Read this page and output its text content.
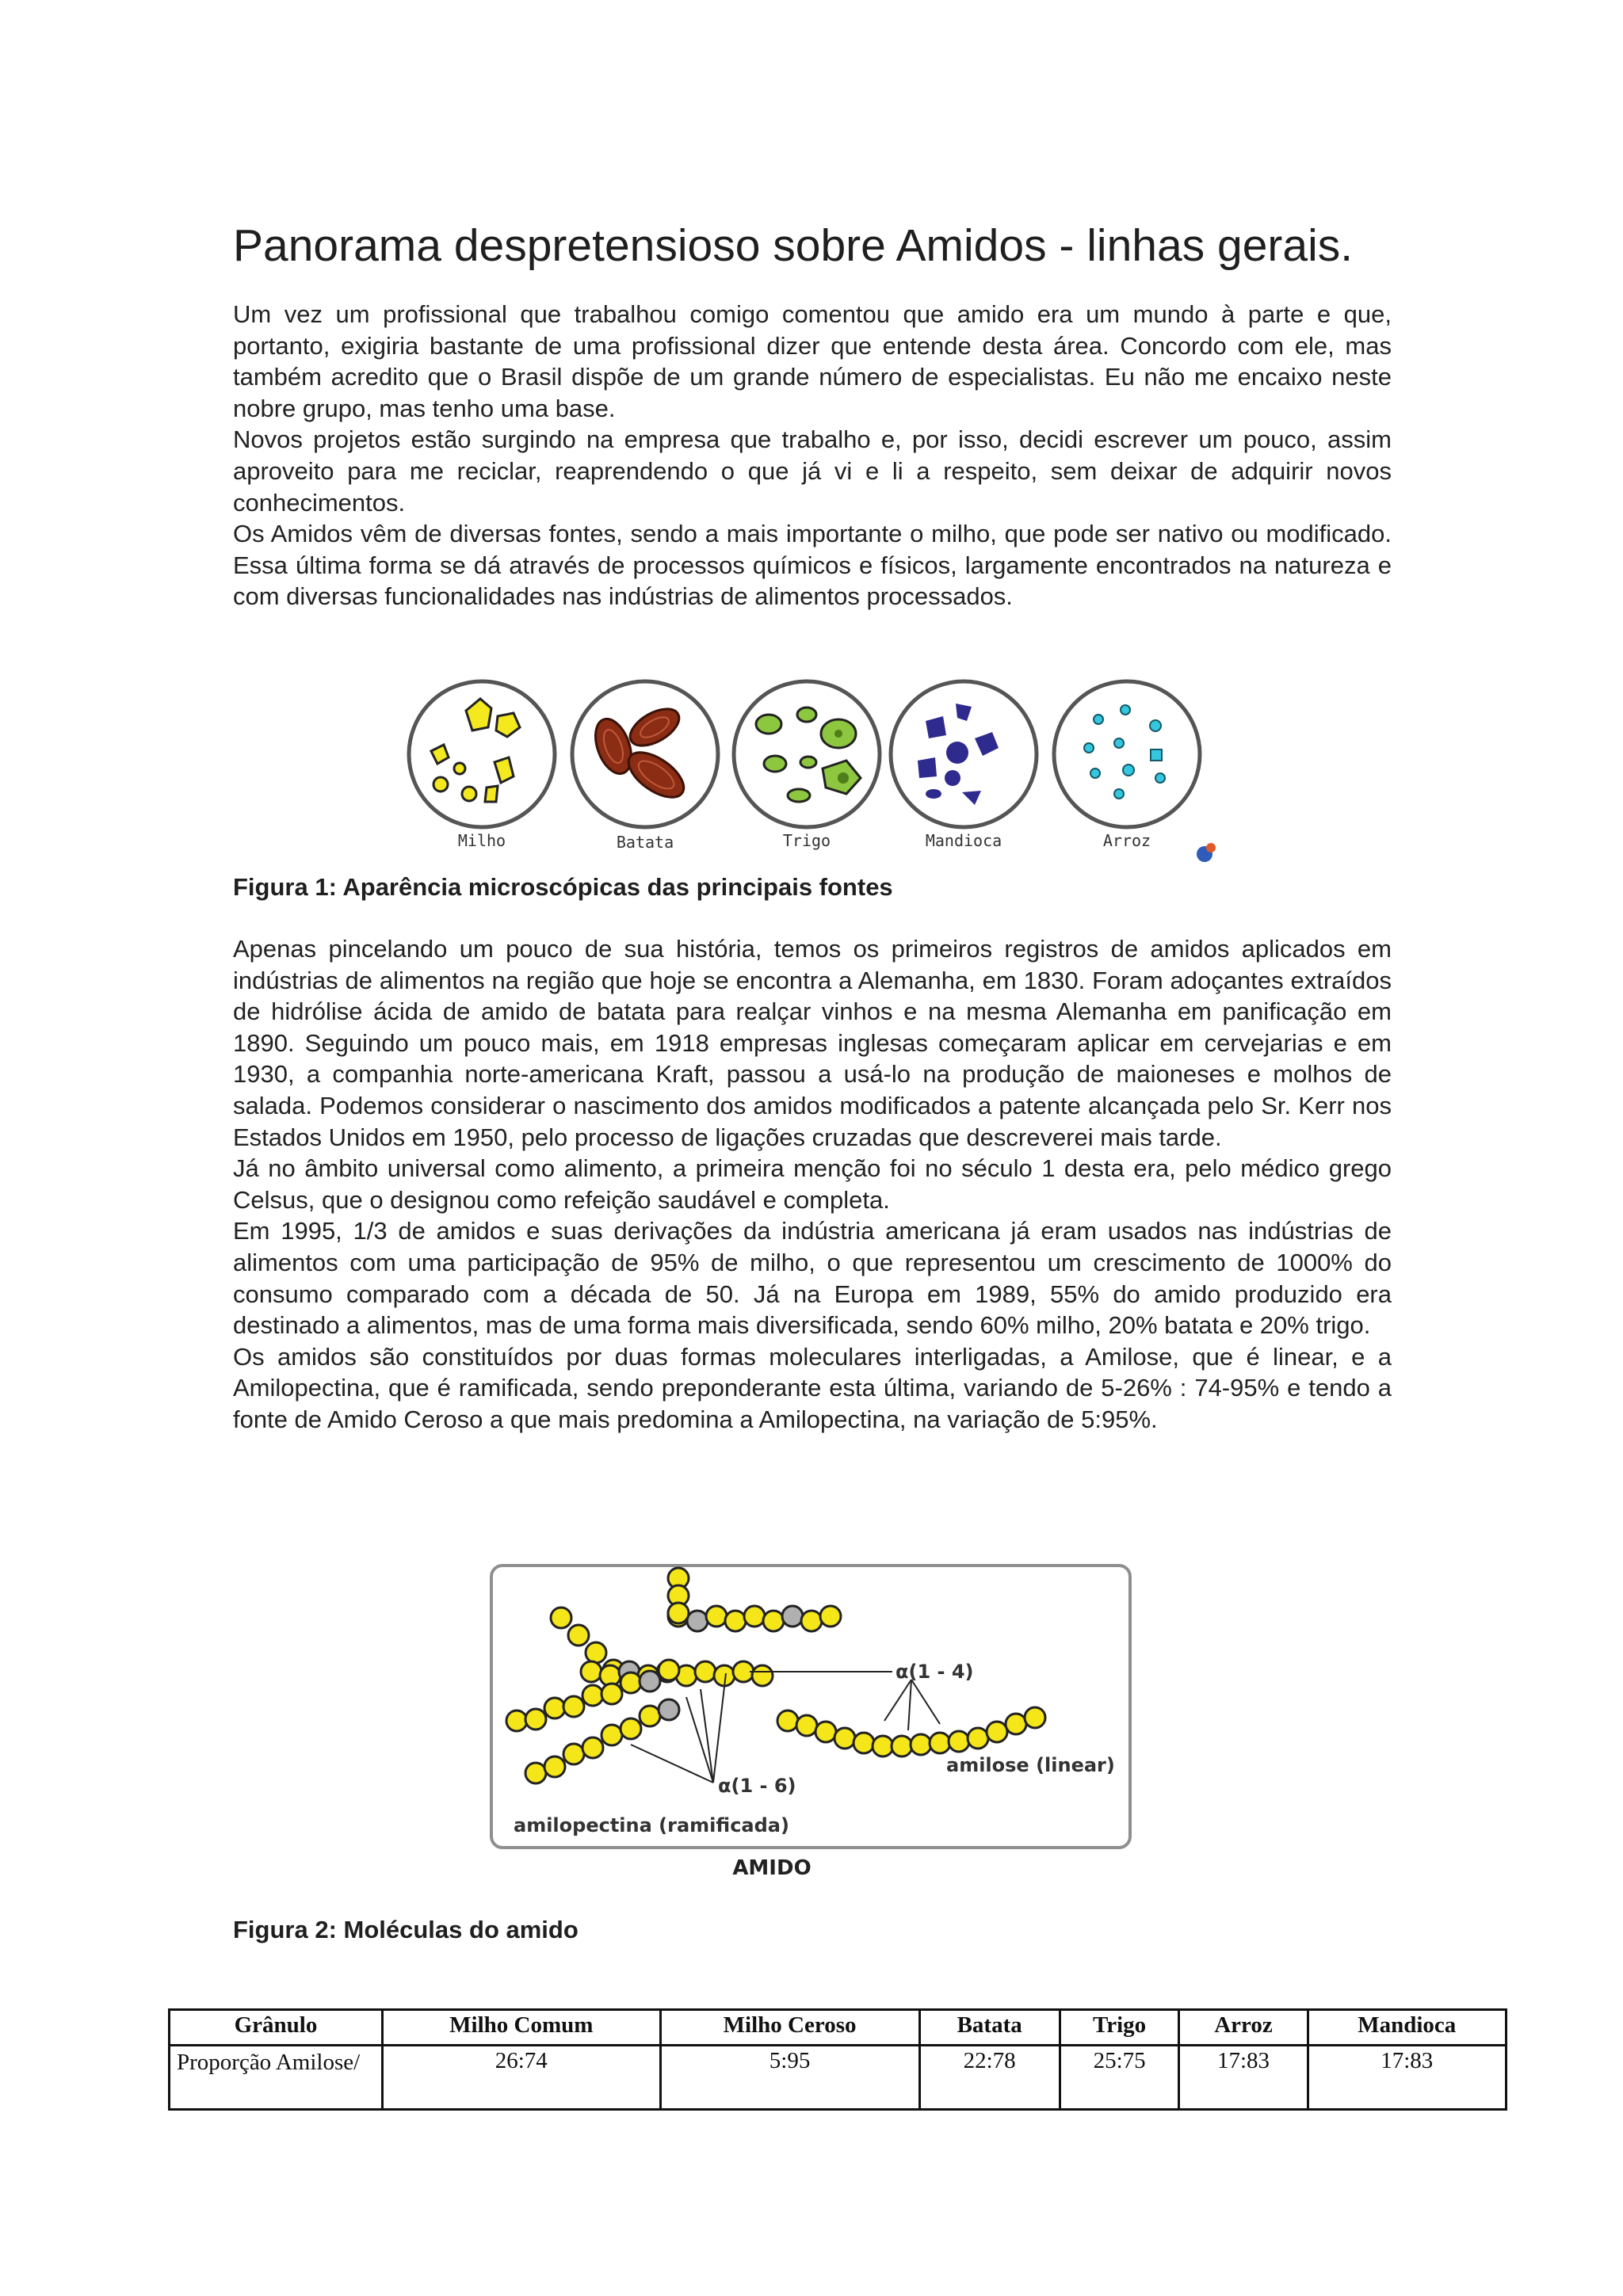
Panorama despretensioso sobre Amidos - linhas gerais.

Um vez um profissional que trabalhou comigo comentou que amido era um mundo à parte e que, portanto, exigiria bastante de uma profissional dizer que entende desta área. Concordo com ele, mas também acredito que o Brasil dispõe de um grande número de especialistas. Eu não me encaixo neste nobre grupo, mas tenho uma base.

Novos projetos estão surgindo na empresa que trabalho e, por isso, decidi escrever um pouco, assim aproveito para me reciclar, reaprendendo o que já vi e li a respeito, sem deixar de adquirir novos conhecimentos.

Os Amidos vêm de diversas fontes, sendo a mais importante o milho, que pode ser nativo ou modificado. Essa última forma se dá através de processos químicos e físicos, largamente encontrados na natureza e com diversas funcionalidades nas indústrias de alimentos processados.

Milho	Batata	Trigo	Mandioca	Arroz
Figura 1: Aparência microscópicas das principais fontes

Apenas pincelando um pouco de sua história, temos os primeiros registros de amidos aplicados em indústrias de alimentos na região que hoje se encontra a Alemanha, em 1830. Foram adoçantes extraídos de hidrólise ácida de amido de batata para realçar vinhos e na mesma Alemanha em panificação em 1890. Seguindo um pouco mais, em 1918 empresas inglesas começaram aplicar em cervejarias e em 1930, a companhia norte-americana Kraft, passou a usá-lo na produção de maioneses e molhos de salada. Podemos considerar o nascimento dos amidos modificados a patente alcançada pelo Sr. Kerr nos Estados Unidos em 1950, pelo processo de ligações cruzadas que descreverei mais tarde.

Já no âmbito universal como alimento, a primeira menção foi no século 1 desta era, pelo médico grego Celsus, que o designou como refeição saudável e completa.

Em 1995, 1/3 de amidos e suas derivações da indústria americana já eram usados nas indústrias de alimentos com uma participação de 95% de milho, o que representou um crescimento de 1000% do consumo comparado com a década de 50. Já na Europa em 1989, 55% do amido produzido era destinado a alimentos, mas de uma forma mais diversificada, sendo 60% milho, 20% batata e 20% trigo.

Os amidos são constituídos por duas formas moleculares interligadas, a Amilose, que é linear, e a Amilopectina, que é ramificada, sendo preponderante esta última, variando de 5-26% : 74-95% e tendo a fonte de Amido Ceroso a que mais predomina a Amilopectina, na variação de 5:95%.

α(1 - 4)
α(1 - 6)
amilose (linear)
amilopectina (ramificada)
AMIDO
Figura 2: Moléculas do amido
Grânulo	Milho Comum	Milho Ceroso	Batata	Trigo	Arroz	Mandioca
Proporção Amilose/	26:74	5:95	22:78	25:75	17:83	17:83
